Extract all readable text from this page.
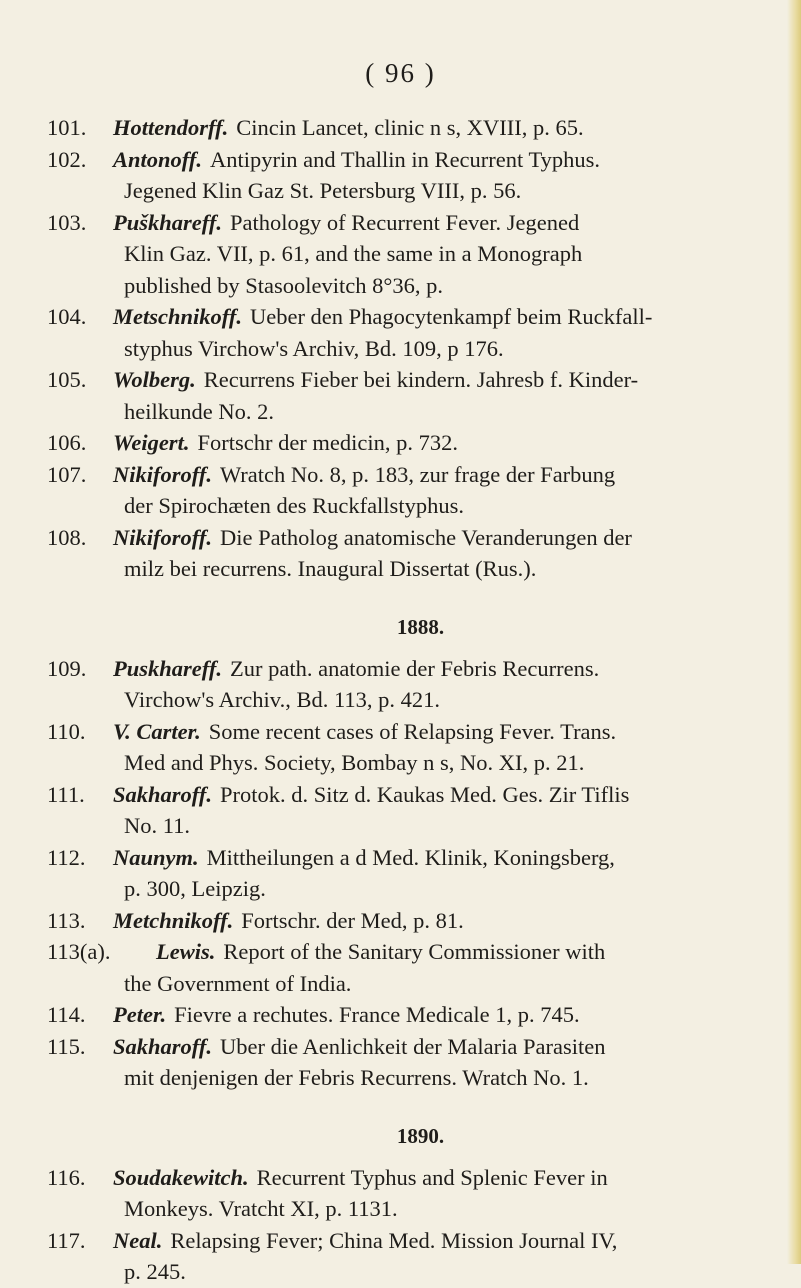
( 96 )
101. Hottendorff. Cincin Lancet, clinic n s, XVIII, p. 65.
102. Antonoff. Antipyrin and Thallin in Recurrent Typhus.
Jegened Klin Gaz St. Petersburg VIII, p. 56.
103. Puškhareff. Pathology of Recurrent Fever. Jegened
Klin Gaz. VII, p. 61, and the same in a Monograph
published by Stasoolevitch 8°36, p.
104. Metschnikoff. Ueber den Phagocytenkampf beim Ruckfall-
styphus Virchow's Archiv, Bd. 109, p 176.
105. Wolberg. Recurrens Fieber bei kindern. Jahresb f. Kinder-
heilkunde No. 2.
106. Weigert. Fortschr der medicin, p. 732.
107. Nikiforoff. Wratch No. 8, p. 183, zur frage der Farbung
der Spirochæten des Ruckfallstyphus.
108. Nikiforoff. Die Patholog anatomische Veranderungen der
milz bei recurrens. Inaugural Dissertat (Rus.).
1888.
109. Puskhareff. Zur path. anatomie der Febris Recurrens.
Virchow's Archiv., Bd. 113, p. 421.
110. V. Carter. Some recent cases of Relapsing Fever. Trans.
Med and Phys. Society, Bombay n s, No. XI, p. 21.
111. Sakharoff. Protok. d. Sitz d. Kaukas Med. Ges. Zir Tiflis
No. 11.
112. Naunym. Mittheilungen a d Med. Klinik, Koningsberg,
p. 300, Leipzig.
113. Metchnikoff. Fortschr. der Med, p. 81.
113(a). Lewis. Report of the Sanitary Commissioner with
the Government of India.
114. Peter. Fievre a rechutes. France Medicale 1, p. 745.
115. Sakharoff. Uber die Aenlichkeit der Malaria Parasiten
mit denjenigen der Febris Recurrens. Wratch No. 1.
1890.
116. Soudakewitch. Recurrent Typhus and Splenic Fever in
Monkeys. Vratcht XI, p. 1131.
117. Neal. Relapsing Fever; China Med. Mission Journal IV,
p. 245.
